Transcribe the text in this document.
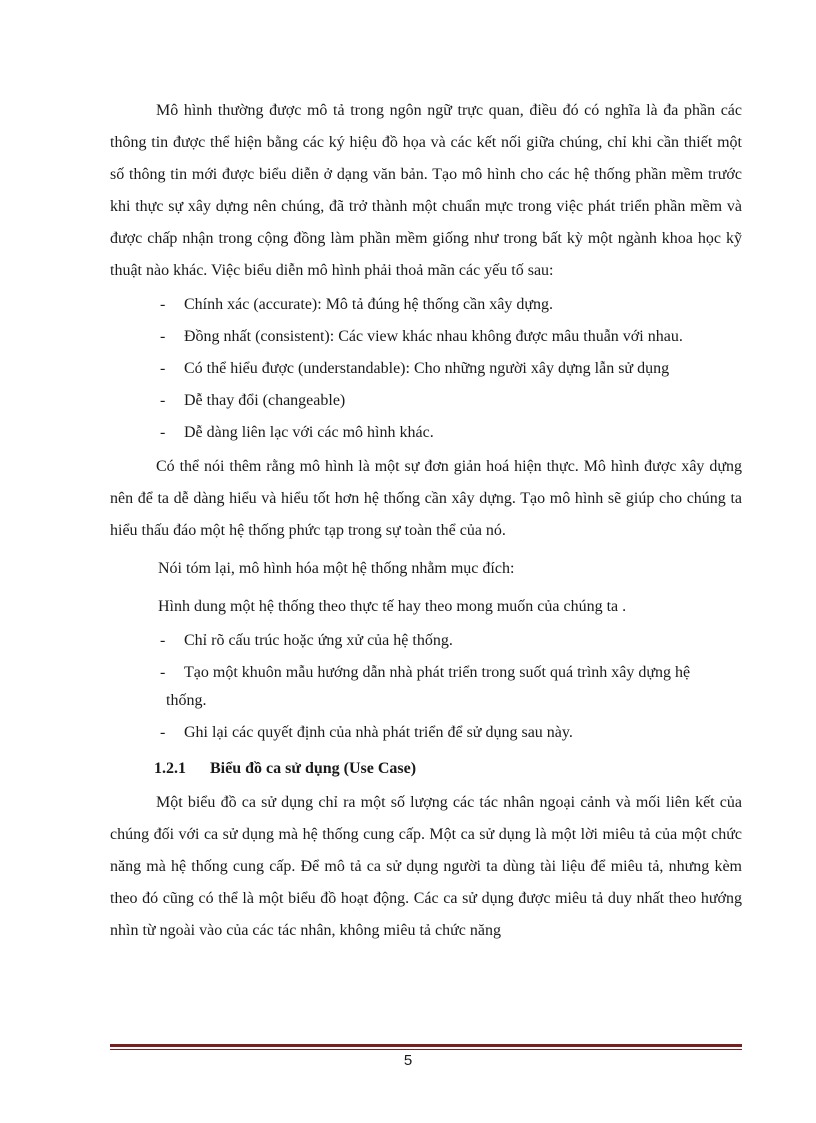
Mô hình thường được mô tả trong ngôn ngữ trực quan, điều đó có nghĩa là đa phần các thông tin được thể hiện bằng các ký hiệu đồ họa và các kết nối giữa chúng, chỉ khi cần thiết một số thông tin mới được biểu diễn ở dạng văn bản. Tạo mô hình cho các hệ thống phần mềm trước khi thực sự xây dựng nên chúng, đã trở thành một chuẩn mực trong việc phát triển phần mềm và được chấp nhận trong cộng đồng làm phần mềm giống như trong bất kỳ một ngành khoa học kỹ thuật nào khác. Việc biểu diễn mô hình phải thoả mãn các yếu tố sau:

- Chính xác (accurate): Mô tả đúng hệ thống cần xây dựng.
- Đồng nhất (consistent): Các view khác nhau không được mâu thuẫn với nhau.
- Có thể hiểu được (understandable): Cho những người xây dựng lẫn sử dụng
- Dễ thay đổi (changeable)
- Dễ dàng liên lạc với các mô hình khác.

Có thể nói thêm rằng mô hình là một sự đơn giản hoá hiện thực. Mô hình được xây dựng nên để ta dễ dàng hiểu và hiểu tốt hơn hệ thống cần xây dựng. Tạo mô hình sẽ giúp cho chúng ta hiểu thấu đáo một hệ thống phức tạp trong sự toàn thể của nó.

Nói tóm lại, mô hình hóa một hệ thống nhằm mục đích:

Hình dung một hệ thống theo thực tế hay theo mong muốn của chúng ta .

- Chỉ rõ cấu trúc hoặc ứng xử của hệ thống.
- Tạo một khuôn mẫu hướng dẫn nhà phát triển trong suốt quá trình xây dựng hệ
thống.
- Ghi lại các quyết định của nhà phát triển để sử dụng sau này.
1.2.1 Biểu đồ ca sử dụng (Use Case)

Một biểu đồ ca sử dụng chỉ ra một số lượng các tác nhân ngoại cảnh và mối liên kết của chúng đối với ca sử dụng mà hệ thống cung cấp. Một ca sử dụng là một lời miêu tả của một chức năng mà hệ thống cung cấp. Để mô tả ca sử dụng người ta dùng tài liệu để miêu tả, nhưng kèm theo đó cũng có thể là một biểu đồ hoạt động. Các ca sử dụng được miêu tả duy nhất theo hướng nhìn từ ngoài vào của các tác nhân, không miêu tả chức năng

5
